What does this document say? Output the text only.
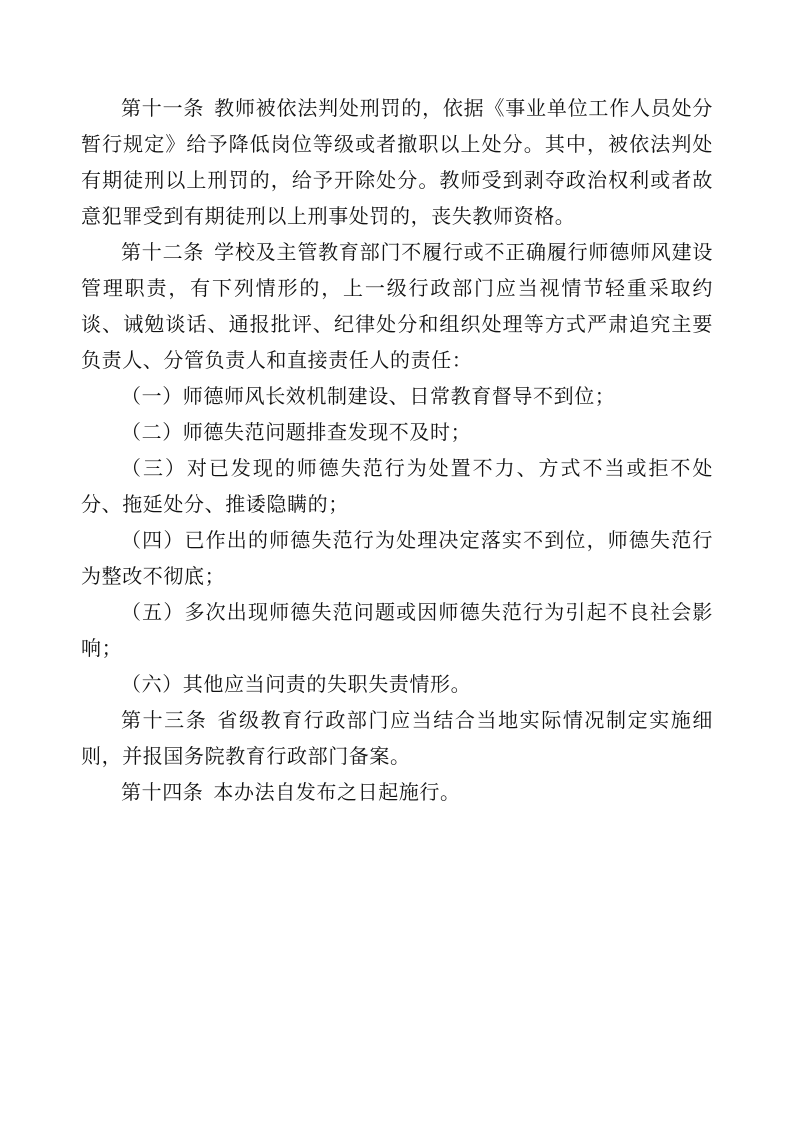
第十一条 教师被依法判处刑罚的，依据《事业单位工作人员处分暂行规定》给予降低岗位等级或者撤职以上处分。其中，被依法判处有期徒刑以上刑罚的，给予开除处分。教师受到剥夺政治权利或者故意犯罪受到有期徒刑以上刑事处罚的，丧失教师资格。

第十二条 学校及主管教育部门不履行或不正确履行师德师风建设管理职责，有下列情形的，上一级行政部门应当视情节轻重采取约谈、诫勉谈话、通报批评、纪律处分和组织处理等方式严肃追究主要负责人、分管负责人和直接责任人的责任：

（一）师德师风长效机制建设、日常教育督导不到位；

（二）师德失范问题排查发现不及时；

（三）对已发现的师德失范行为处置不力、方式不当或拒不处分、拖延处分、推诿隐瞒的；

（四）已作出的师德失范行为处理决定落实不到位，师德失范行为整改不彻底；

（五）多次出现师德失范问题或因师德失范行为引起不良社会影响；

（六）其他应当问责的失职失责情形。

第十三条 省级教育行政部门应当结合当地实际情况制定实施细则，并报国务院教育行政部门备案。

第十四条 本办法自发布之日起施行。
